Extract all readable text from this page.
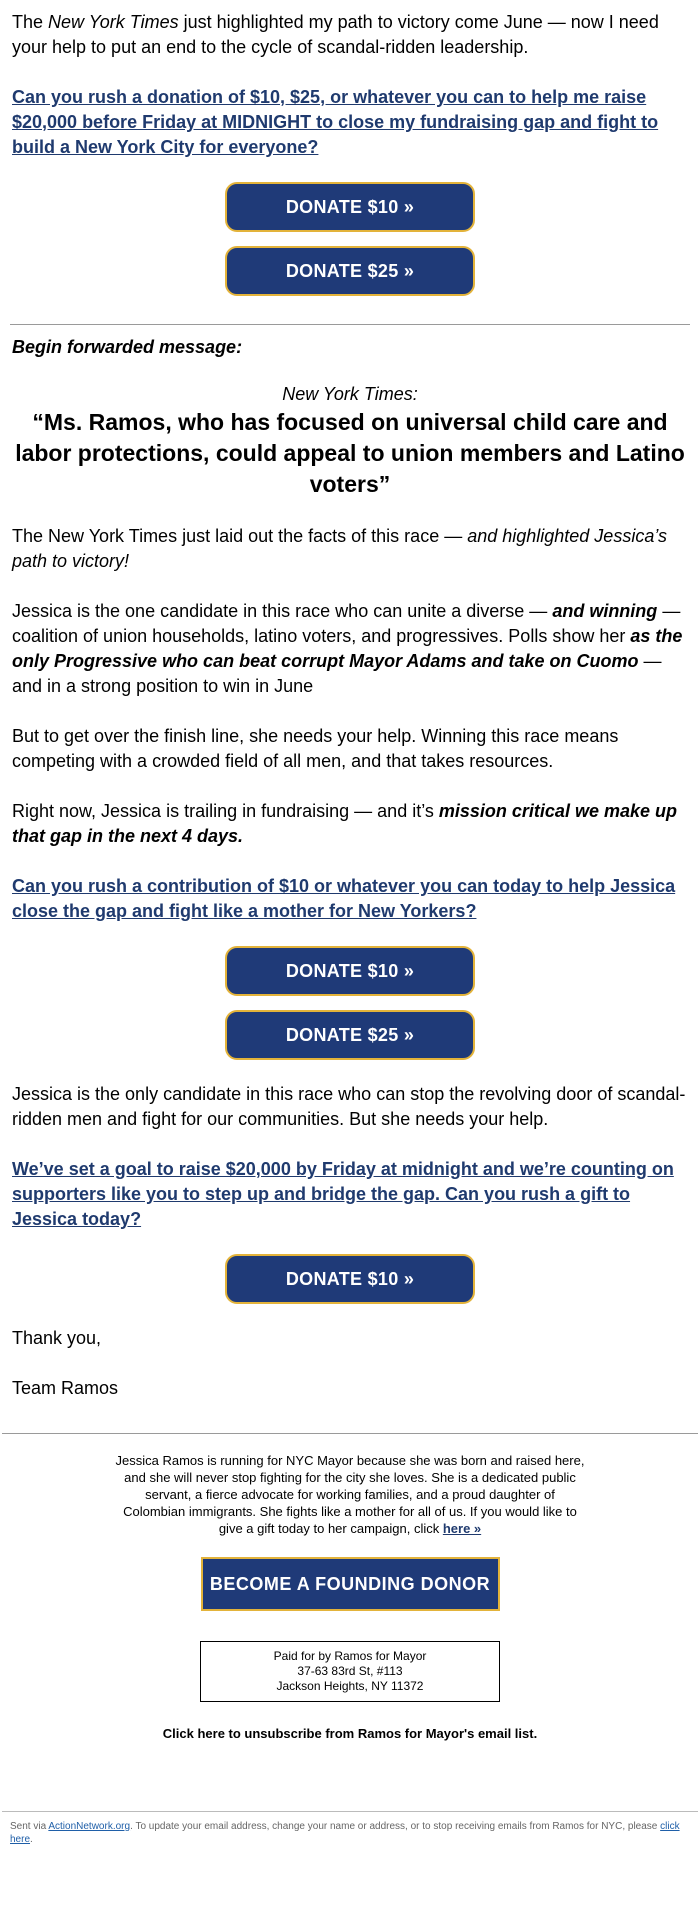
The New York Times just highlighted my path to victory come June — now I need your help to put an end to the cycle of scandal-ridden leadership.

Can you rush a donation of $10, $25, or whatever you can to help me raise $20,000 before Friday at MIDNIGHT to close my fundraising gap and fight to build a New York City for everyone?

DONATE $10 »
DONATE $25 »

Begin forwarded message:

New York Times:

“Ms. Ramos, who has focused on universal child care and labor protections, could appeal to union members and Latino voters”

The New York Times just laid out the facts of this race — and highlighted Jessica’s path to victory!

Jessica is the one candidate in this race who can unite a diverse — and winning — coalition of union households, latino voters, and progressives. Polls show her as the only Progressive who can beat corrupt Mayor Adams and take on Cuomo — and in a strong position to win in June

But to get over the finish line, she needs your help. Winning this race means competing with a crowded field of all men, and that takes resources.

Right now, Jessica is trailing in fundraising — and it’s mission critical we make up that gap in the next 4 days.

Can you rush a contribution of $10 or whatever you can today to help Jessica close the gap and fight like a mother for New Yorkers?

DONATE $10 »
DONATE $25 »

Jessica is the only candidate in this race who can stop the revolving door of scandal-ridden men and fight for our communities. But she needs your help.

We’ve set a goal to raise $20,000 by Friday at midnight and we’re counting on supporters like you to step up and bridge the gap. Can you rush a gift to Jessica today?

DONATE $10 »

Thank you,

Team Ramos

Jessica Ramos is running for NYC Mayor because she was born and raised here, and she will never stop fighting for the city she loves. She is a dedicated public servant, a fierce advocate for working families, and a proud daughter of Colombian immigrants. She fights like a mother for all of us. If you would like to give a gift today to her campaign, click here »

BECOME A FOUNDING DONOR
Paid for by Ramos for Mayor
37-63 83rd St, #113
Jackson Heights, NY 11372

Click here to unsubscribe from Ramos for Mayor's email list.

Sent via ActionNetwork.org. To update your email address, change your name or address, or to stop receiving emails from Ramos for NYC, please click here.
